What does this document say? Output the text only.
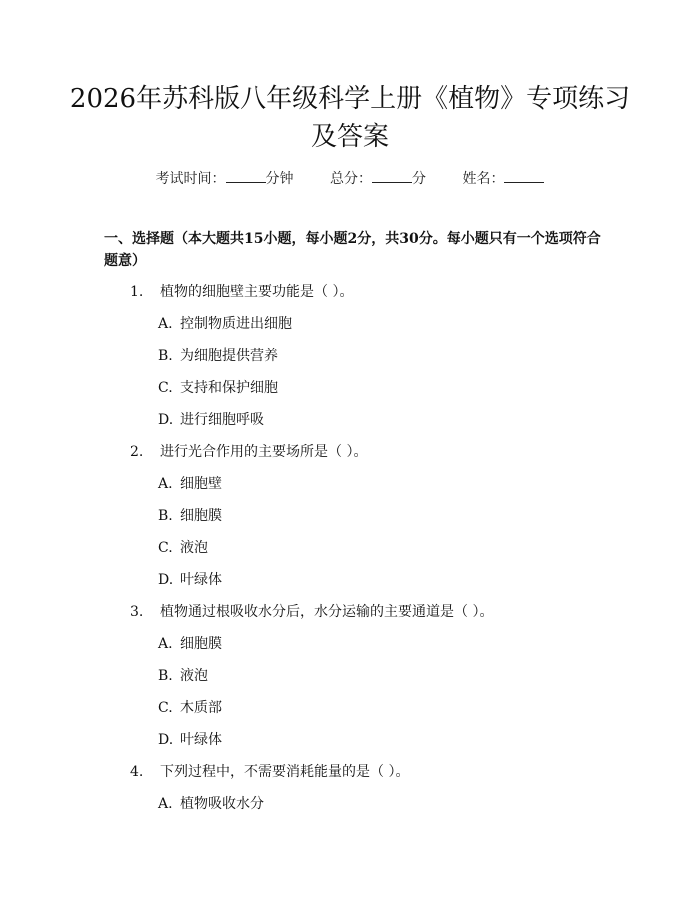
2026年苏科版八年级科学上册《植物》专项练习及答案
考试时间：	分钟	总分：	分	姓名：
一、选择题（本大题共15小题，每小题2分，共30分。每小题只有一个选项符合题意）
1. 植物的细胞壁主要功能是（ ）。
A. 控制物质进出细胞
B. 为细胞提供营养
C. 支持和保护细胞
D. 进行细胞呼吸
2. 进行光合作用的主要场所是（ ）。
A. 细胞壁
B. 细胞膜
C. 液泡
D. 叶绿体
3. 植物通过根吸收水分后，水分运输的主要通道是（ ）。
A. 细胞膜
B. 液泡
C. 木质部
D. 叶绿体
4. 下列过程中，不需要消耗能量的是（ ）。
A. 植物吸收水分
